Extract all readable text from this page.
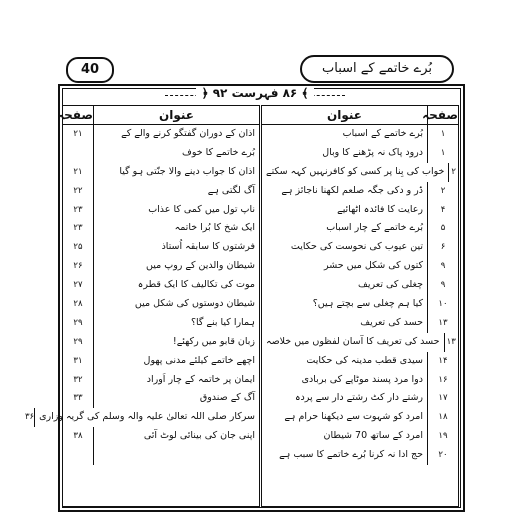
40	بُرے خاتمے کے اسباب
﴾ ۸۶ فہرست ۹۲ ﴿
صفحہ
عنوان
۱
بُرے خاتمے کے اسباب
۱
درود پاک نہ پڑھنے کا وبال
۲
خواب کی بِنا پر کسی کو کافرنہیں کہہ سکتے
۲
ڈر و دکی جگہ صلعم لکھنا ناجائز ہے
۴
رعایت کا فائدہ اٹھائیے
۵
بُرے خاتمے کے چار اسباب
۶
تین عیوب کی نحوست کی حکایت
۹
کتوں کی شکل میں حشر
۹
چغلی کی تعریف
۱۰
کیا ہم چغلی سے بچتے ہیں؟
۱۳
حسد کی تعریف
۱۳
حسد کی تعریف کا آسان لفظوں میں خلاصہ
۱۴
سیدی قطب مدینہ کی حکایت
۱۶
دوا مرد پسند موٹاپے کی بربادی
۱۷
رشتے دار کٹ رشتے دار سے پردہ
۱۸
امرد کو شہوت سے دیکھنا حرام ہے
۱۹
امرد کے ساتھ 70 شیطان
۲۰
حج ادا نہ کرنا بُرے خاتمے کا سبب ہے
عنوان
صفحہ
۲۱	اذان کے دوران گفتگو کرنے والے کے
بُرے خاتمے کا خوف
۲۱	اذان کا جواب دینے والا جنّتی ہو گیا
۲۲	آگ لگتی ہے
۲۳	ناپ تول میں کمی کا عذاب
۲۳	ایک شخ کا بُرا خاتمہ
۲۵	فرشتوں کا سابقہ اُستاذ
۲۶	شیطان والدین کے روپ میں
۲۷	موت کی تکالیف کا ایک قطرہ
۲۸	شیطان دوستوں کی شکل میں
۲۹	ہمارا کیا بنے گا؟
۲۹	زبان قابو میں رکھئے!
۳۱	اچھے خاتمے کیلئے مدنی پھول
۳۲	ایمان پر خاتمہ کے چار اَوراد
۳۳	آگ کے صندوق
۳۶ سرکار صلی اللہ تعالیٰ علیہ والہ وسلم کی گریہ وزاری
۳۸	اپنی جان کی بینائی لوٹ آئی
